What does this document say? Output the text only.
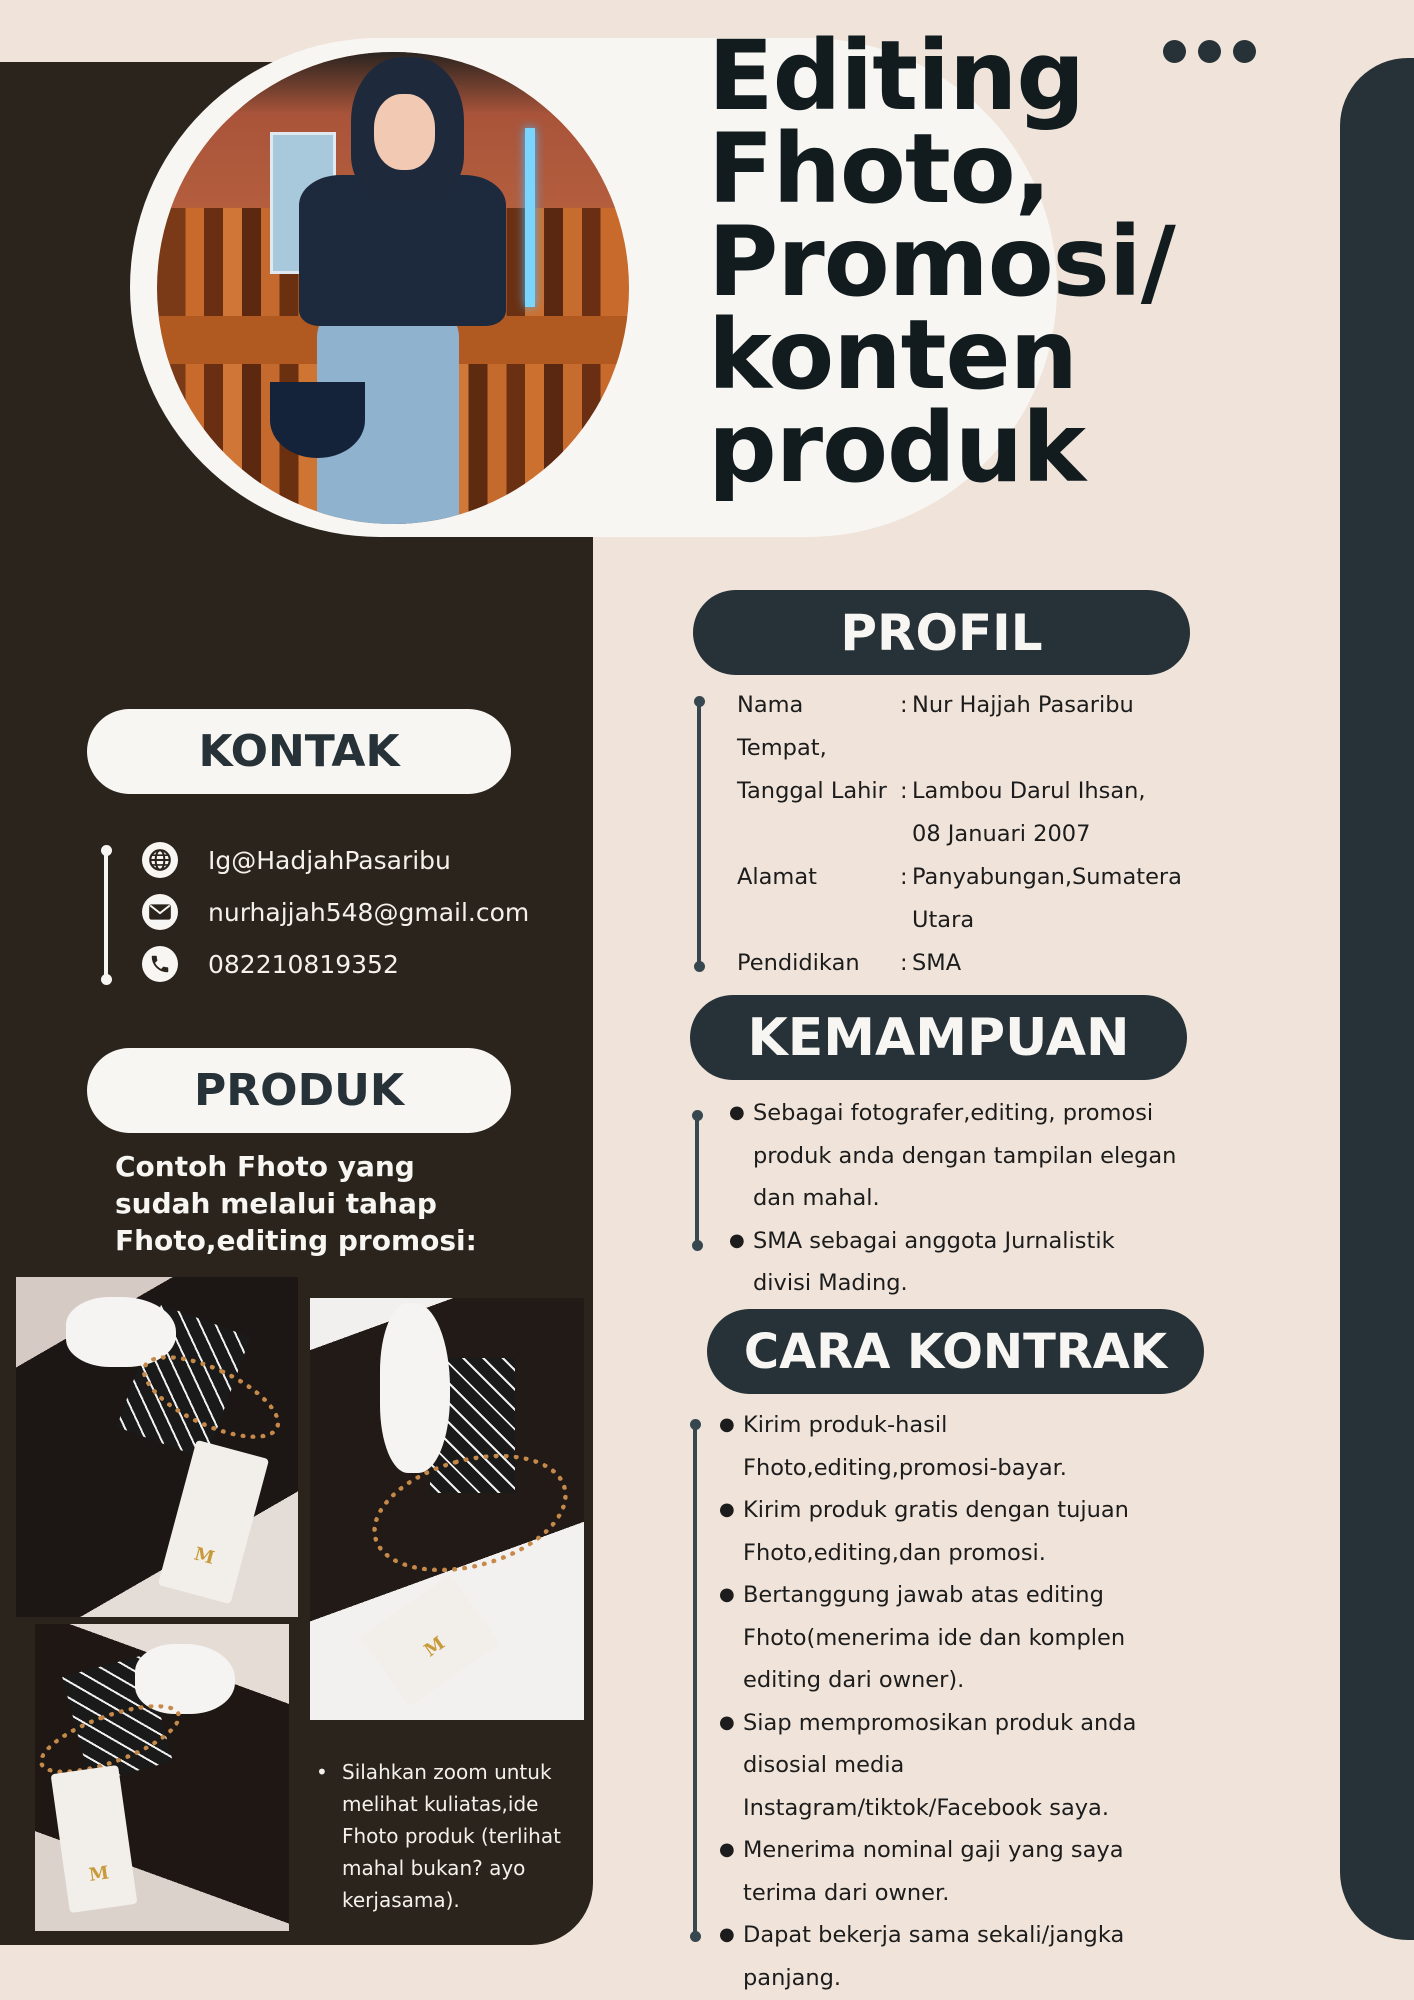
Editing
Fhoto,
Promosi/
konten
produk
KONTAK
Ig@HadjahPasaribu
nurhajjah548@gmail.com
082210819352
PRODUK
Contoh Fhoto yang sudah melalui tahap Fhoto,editing promosi:
M
M
M
• Silahkan zoom untuk melihat kuliatas,ide Fhoto produk (terlihat mahal bukan? ayo kerjasama).
PROFIL
Nama	: Nur Hajjah Pasaribu
Tempat,
Tanggal Lahir : Lambou Darul Ihsan,
08 Januari 2007
Alamat	: Panyabungan,Sumatera
Utara
Pendidikan	: SMA
KEMAMPUAN
● Sebagai fotografer,editing, promosi produk anda dengan tampilan elegan dan mahal.
● SMA sebagai anggota Jurnalistik divisi Mading.
CARA KONTRAK
● Kirim produk-hasil Fhoto,editing,promosi-bayar.
● Kirim produk gratis dengan tujuan Fhoto,editing,dan promosi.
● Bertanggung jawab atas editing Fhoto(menerima ide dan komplen editing dari owner).
● Siap mempromosikan produk anda disosial media Instagram/tiktok/Facebook saya.
● Menerima nominal gaji yang saya terima dari owner.
● Dapat bekerja sama sekali/jangka panjang.
